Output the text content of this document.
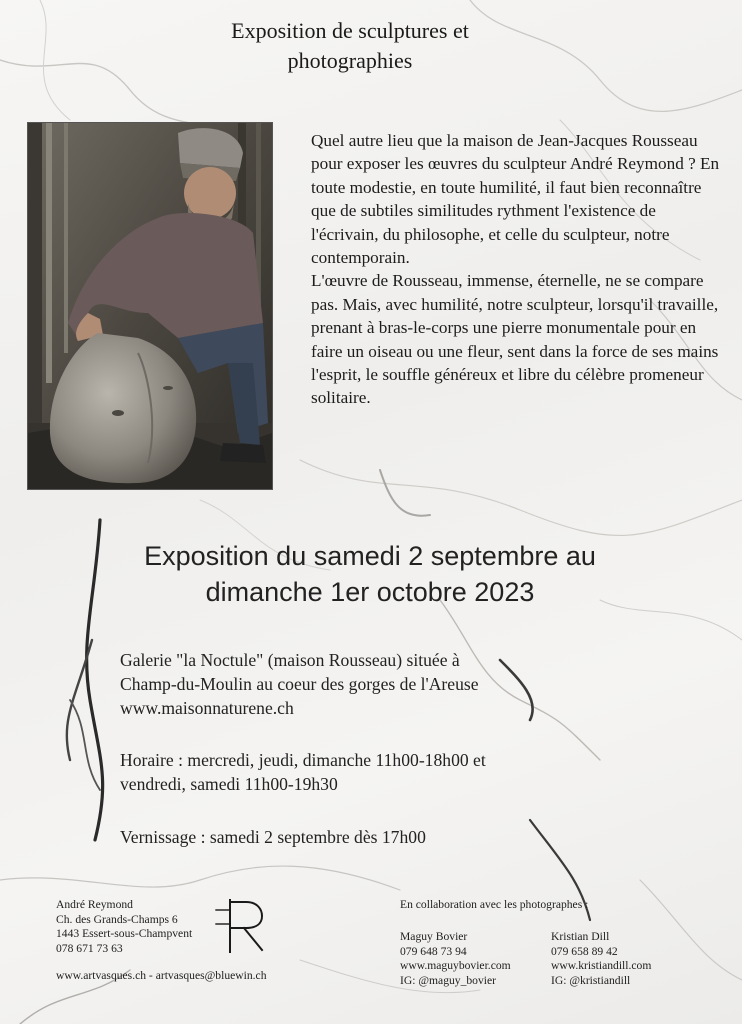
Exposition de sculptures et
photographies

Quel autre lieu que la maison de Jean-Jacques Rousseau pour exposer les œuvres du sculpteur André Reymond ? En toute modestie, en toute humilité, il faut bien reconnaître que de subtiles similitudes rythment l'existence de l'écrivain, du philosophe, et celle du sculpteur, notre contemporain.

L'œuvre de Rousseau, immense, éternelle, ne se compare pas. Mais, avec humilité, notre sculpteur, lorsqu'il travaille, prenant à bras-le-corps une pierre monumentale pour en faire un oiseau ou une fleur, sent dans la force de ses mains l'esprit, le souffle généreux et libre du célèbre promeneur solitaire.

Exposition du samedi 2 septembre au
dimanche 1er octobre 2023
Galerie "la Noctule" (maison Rousseau) située à
Champ-du-Moulin au coeur des gorges de l'Areuse
www.maisonnaturene.ch
Horaire : mercredi, jeudi, dimanche 11h00-18h00 et
vendredi, samedi 11h00-19h30
Vernissage : samedi 2 septembre dès 17h00
André Reymond
Ch. des Grands-Champs 6
1443 Essert-sous-Champvent
078 671 73 63
www.artvasques.ch - artvasques@bluewin.ch
En collaboration avec les photographes :
Maguy Bovier
079 648 73 94
www.maguybovier.com
IG: @maguy_bovier
Kristian Dill
079 658 89 42
www.kristiandill.com
IG: @kristiandill
